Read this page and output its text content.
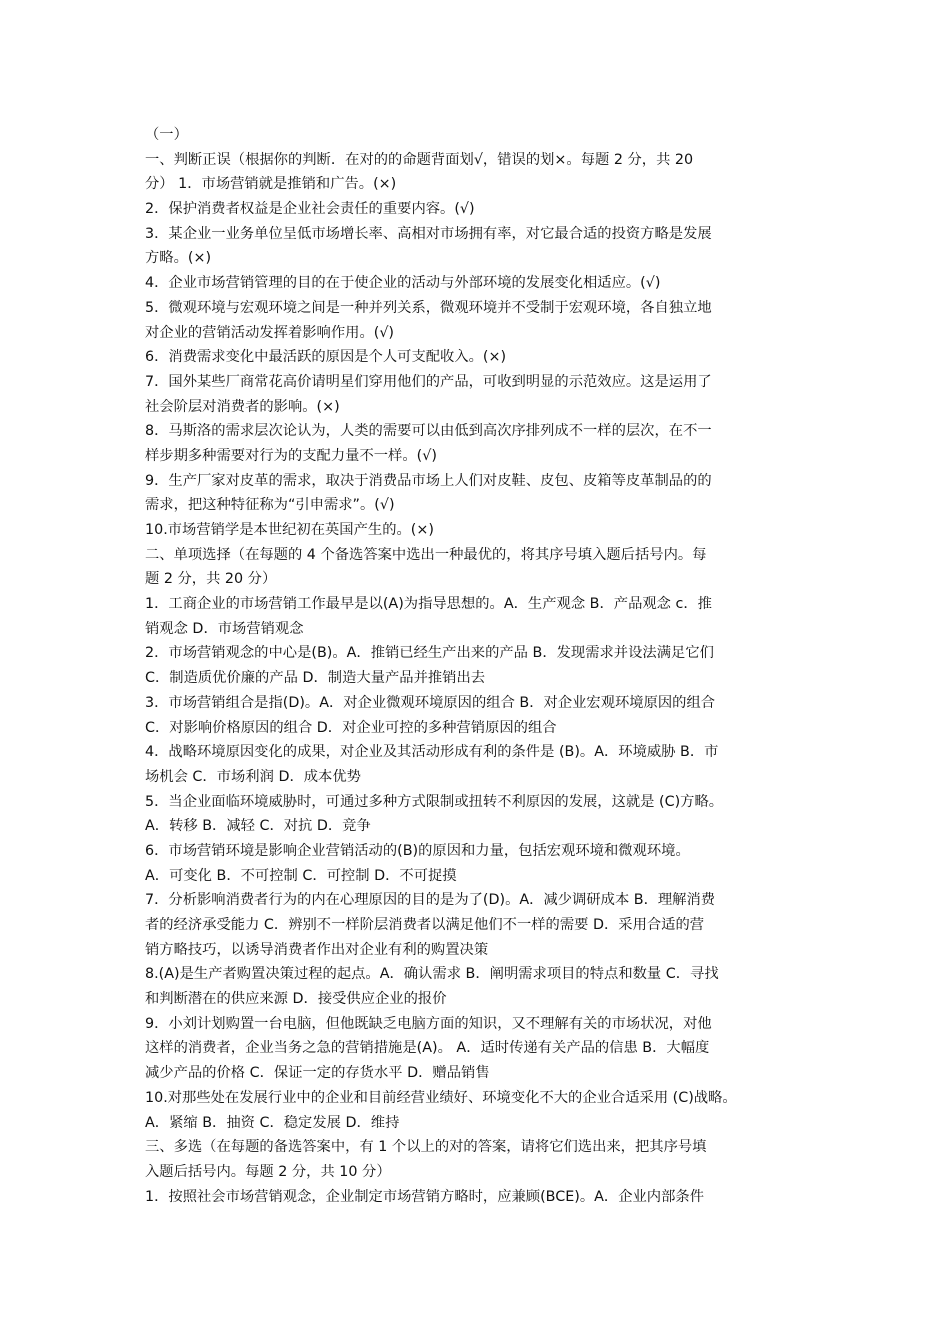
（一）
一、判断正误（根据你的判断．在对的的命题背面划√，错误的划×。每题 2 分，共 20
分） 1．市场营销就是推销和广告。(×)
2．保护消费者权益是企业社会责任的重要内容。(√)
3．某企业一业务单位呈低市场增长率、高相对市场拥有率，对它最合适的投资方略是发展
方略。(×)
4．企业市场营销管理的目的在于使企业的活动与外部环境的发展变化相适应。(√)
5．微观环境与宏观环境之间是一种并列关系，微观环境并不受制于宏观环境，各自独立地
对企业的营销活动发挥着影响作用。(√)
6．消费需求变化中最活跃的原因是个人可支配收入。(×)
7．国外某些厂商常花高价请明星们穿用他们的产品，可收到明显的示范效应。这是运用了
社会阶层对消费者的影响。(×)
8．马斯洛的需求层次论认为，人类的需要可以由低到高次序排列成不一样的层次，在不一
样步期多种需要对行为的支配力量不一样。(√)
9．生产厂家对皮革的需求，取决于消费品市场上人们对皮鞋、皮包、皮箱等皮革制品的的
需求，把这种特征称为“引申需求”。(√)
10.市场营销学是本世纪初在英国产生的。(×)
二、单项选择（在每题的 4 个备选答案中选出一种最优的，将其序号填入题后括号内。每
题 2 分，共 20 分）
1．工商企业的市场营销工作最早是以(A)为指导思想的。A．生产观念 B．产品观念 c．推
销观念 D．市场营销观念
2．市场营销观念的中心是(B)。A．推销已经生产出来的产品 B．发现需求并设法满足它们
C．制造质优价廉的产品 D．制造大量产品并推销出去
3．市场营销组合是指(D)。A．对企业微观环境原因的组合 B．对企业宏观环境原因的组合
C．对影响价格原因的组合 D．对企业可控的多种营销原因的组合
4．战略环境原因变化的成果，对企业及其活动形成有利的条件是 (B)。A．环境威胁 B．市
场机会 C．市场利润 D．成本优势
5．当企业面临环境威胁时，可通过多种方式限制或扭转不利原因的发展，这就是 (C)方略。
A．转移 B．减轻 C．对抗 D．竞争
6．市场营销环境是影响企业营销活动的(B)的原因和力量，包括宏观环境和微观环境。
A．可变化 B．不可控制 C．可控制 D．不可捉摸
7．分析影响消费者行为的内在心理原因的目的是为了(D)。A．减少调研成本 B．理解消费
者的经济承受能力 C．辨别不一样阶层消费者以满足他们不一样的需要 D．采用合适的营
销方略技巧，以诱导消费者作出对企业有利的购置决策
8.(A)是生产者购置决策过程的起点。A．确认需求 B．阐明需求项目的特点和数量 C．寻找
和判断潜在的供应来源 D．接受供应企业的报价
9．小刘计划购置一台电脑，但他既缺乏电脑方面的知识，又不理解有关的市场状况，对他
这样的消费者，企业当务之急的营销措施是(A)。 A．适时传递有关产品的信患 B．大幅度
减少产品的价格 C．保证一定的存货水平 D．赠品销售
10.对那些处在发展行业中的企业和目前经营业绩好、环境变化不大的企业合适采用 (C)战略。
A．紧缩 B．抽资 C．稳定发展 D．维持
三、多选（在每题的备选答案中，有 1 个以上的对的答案，请将它们选出来，把其序号填
入题后括号内。每题 2 分，共 10 分）
1．按照社会市场营销观念，企业制定市场营销方略时，应兼顾(BCE)。A．企业内部条件
